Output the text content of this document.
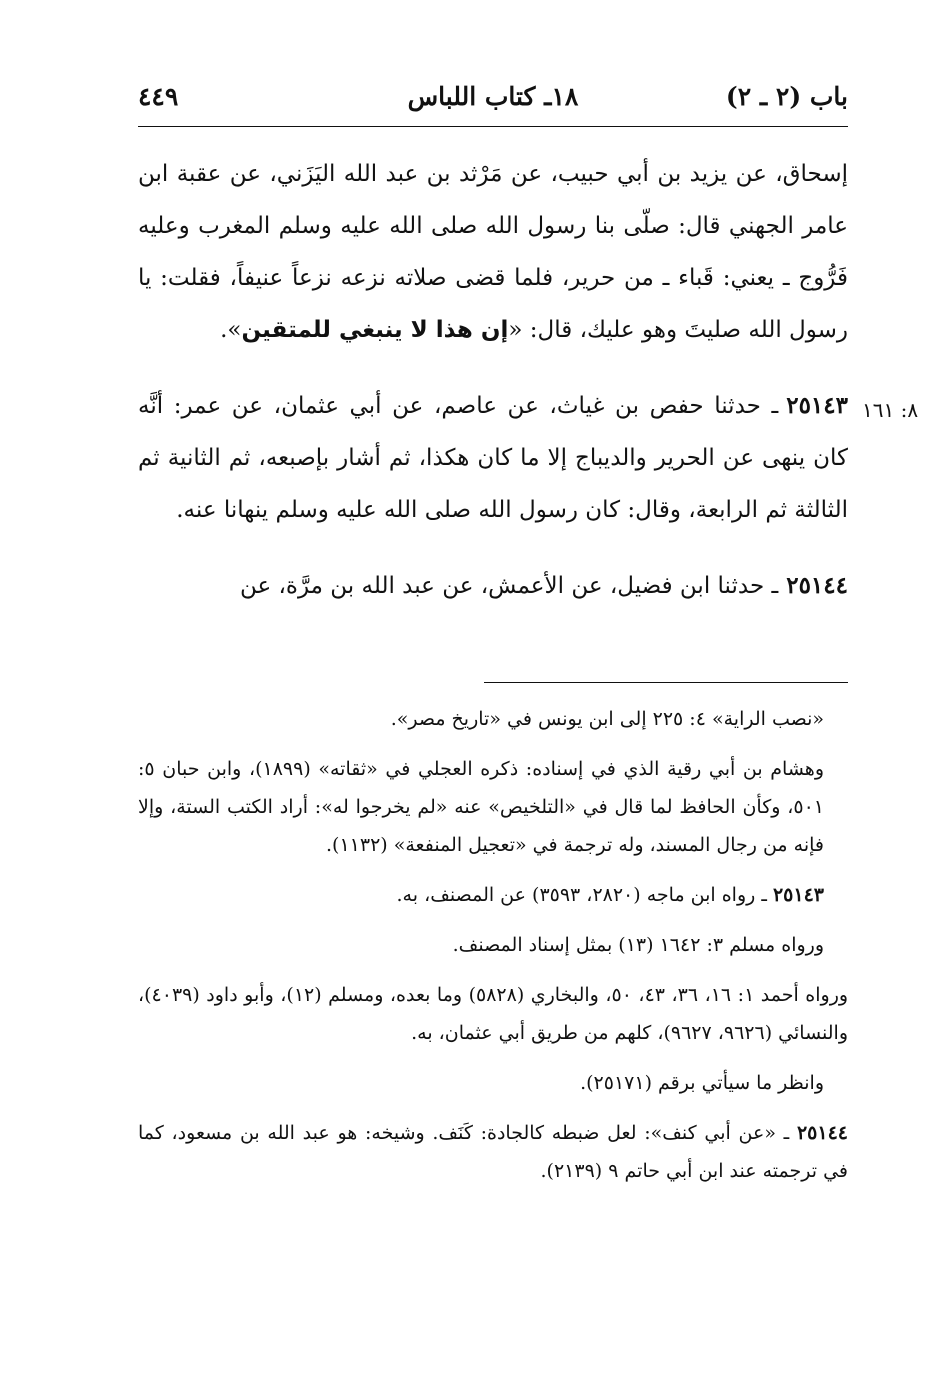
باب (٢ ـ ٢)
١٨ـ كتاب اللباس
٤٤٩
٨: ١٦١

إسحاق، عن يزيد بن أبي حبيب، عن مَرْثد بن عبد الله اليَزَني، عن عقبة ابن عامر الجهني قال: صلّى بنا رسول الله صلى الله عليه وسلم المغرب وعليه فَرُّوج ـ يعني: قَباء ـ من حرير، فلما قضى صلاته نزعه نزعاً عنيفاً، فقلت: يا رسول الله صليتَ وهو عليك، قال: «إن هذا لا ينبغي للمتقين».

٢٥١٤٣ـ حدثنا حفص بن غياث، عن عاصم، عن أبي عثمان، عن عمر: أنَّه كان ينهى عن الحرير والديباج إلا ما كان هكذا، ثم أشار بإصبعه، ثم الثانية ثم الثالثة ثم الرابعة، وقال: كان رسول الله صلى الله عليه وسلم ينهانا عنه.

٢٥١٤٤ـ حدثنا ابن فضيل، عن الأعمش، عن عبد الله بن مرَّة، عن

«نصب الراية» ٤: ٢٢٥ إلى ابن يونس في «تاريخ مصر».

وهشام بن أبي رقية الذي في إسناده: ذكره العجلي في «ثقاته» (١٨٩٩)، وابن حبان ٥: ٥٠١، وكأن الحافظ لما قال في «التلخيص» عنه «لم يخرجوا له»: أراد الكتب الستة، وإلا فإنه من رجال المسند، وله ترجمة في «تعجيل المنفعة» (١١٣٢).

٢٥١٤٣ ـ رواه ابن ماجه (٢٨٢٠، ٣٥٩٣) عن المصنف، به.

ورواه مسلم ٣: ١٦٤٢ (١٣) بمثل إسناد المصنف.

ورواه أحمد ١: ١٦، ٣٦، ٤٣، ٥٠، والبخاري (٥٨٢٨) وما بعده، ومسلم (١٢)، وأبو داود (٤٠٣٩)، والنسائي (٩٦٢٦، ٩٦٢٧)، كلهم من طريق أبي عثمان، به.

وانظر ما سيأتي برقم (٢٥١٧١).

٢٥١٤٤ ـ «عن أبي كنف»: لعل ضبطه كالجادة: كَنَف. وشيخه: هو عبد الله بن مسعود، كما في ترجمته عند ابن أبي حاتم ٩ (٢١٣٩).
